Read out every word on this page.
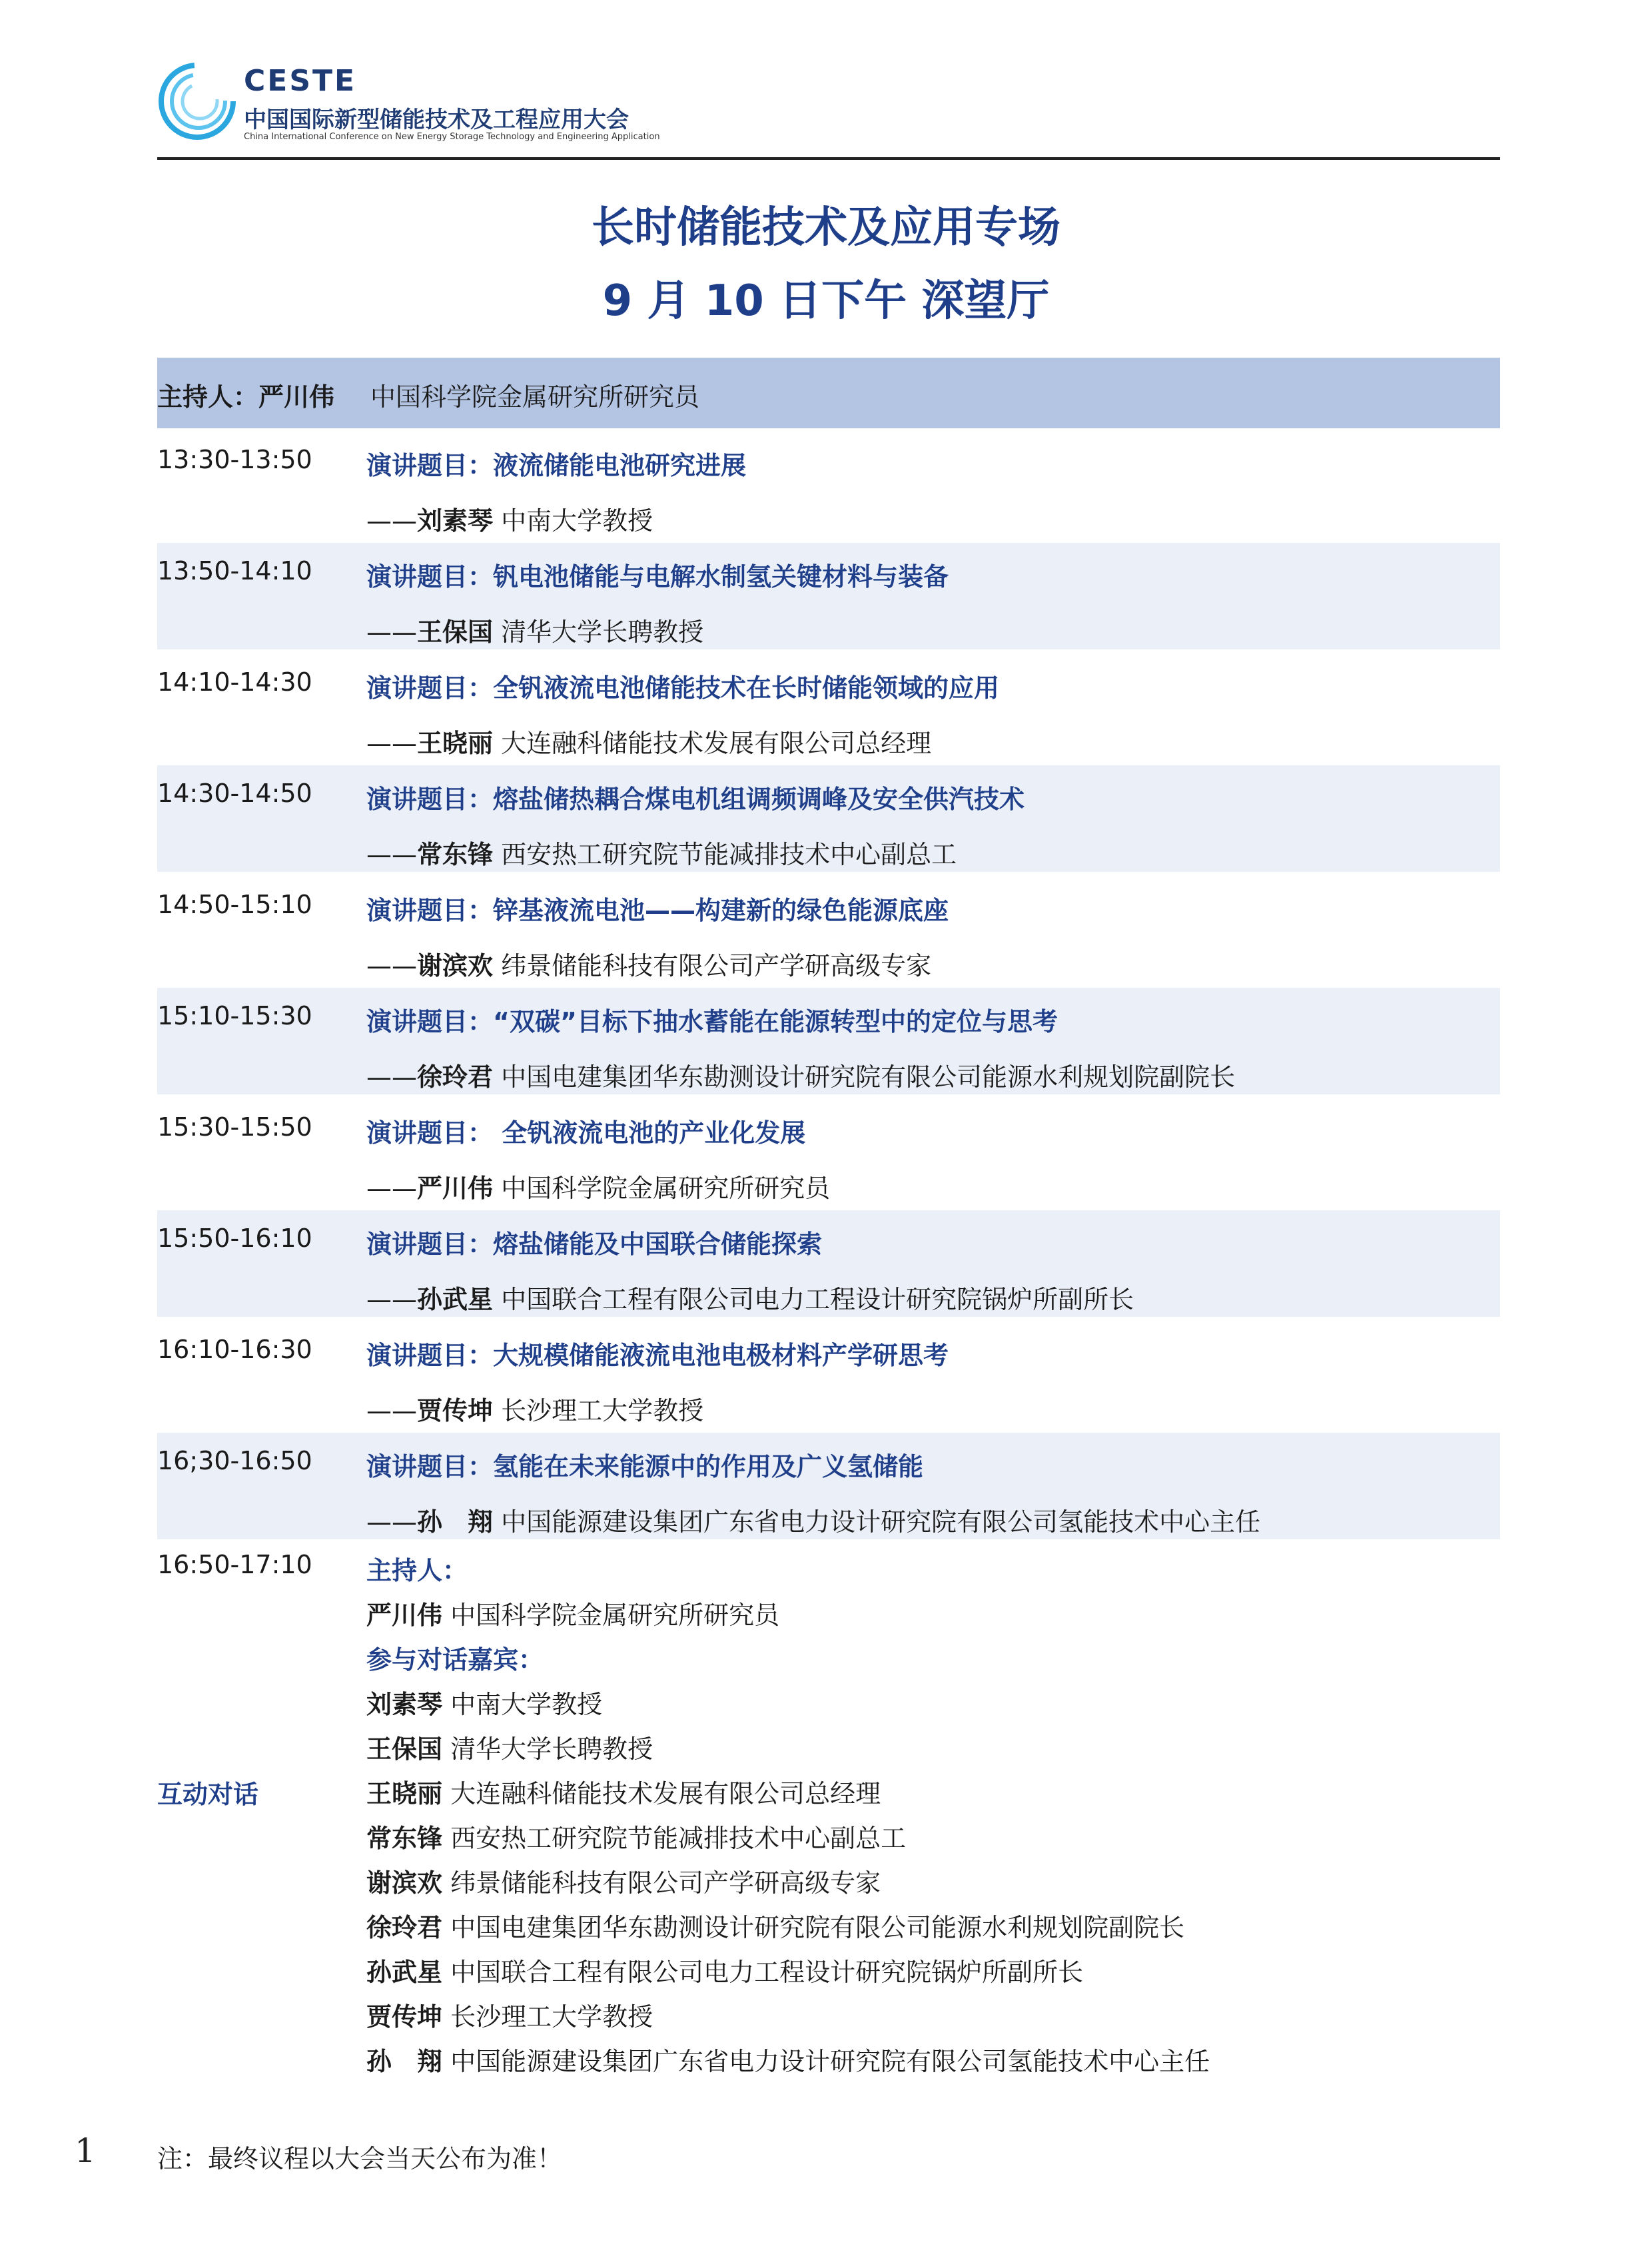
CESTE
中国国际新型储能技术及工程应用大会
China International Conference on New Energy Storage Technology and Engineering Application
长时储能技术及应用专场
9 月 10 日下午 深望厅
主持人：严川伟 中国科学院金属研究所研究员
13:30-13:50 演讲题目：液流储能电池研究进展
——刘素琴 中南大学教授
13:50-14:10 演讲题目：钒电池储能与电解水制氢关键材料与装备
——王保国 清华大学长聘教授
14:10-14:30 演讲题目：全钒液流电池储能技术在长时储能领域的应用
——王晓丽 大连融科储能技术发展有限公司总经理
14:30-14:50 演讲题目：熔盐储热耦合煤电机组调频调峰及安全供汽技术
——常东锋 西安热工研究院节能减排技术中心副总工
14:50-15:10 演讲题目：锌基液流电池——构建新的绿色能源底座
——谢滨欢 纬景储能科技有限公司产学研高级专家
15:10-15:30 演讲题目：“双碳”目标下抽水蓄能在能源转型中的定位与思考
——徐玲君 中国电建集团华东勘测设计研究院有限公司能源水利规划院副院长
15:30-15:50 演讲题目： 全钒液流电池的产业化发展
——严川伟 中国科学院金属研究所研究员
15:50-16:10 演讲题目：熔盐储能及中国联合储能探索
——孙武星 中国联合工程有限公司电力工程设计研究院锅炉所副所长
16:10-16:30 演讲题目：大规模储能液流电池电极材料产学研思考
——贾传坤 长沙理工大学教授
16;30-16:50 演讲题目：氢能在未来能源中的作用及广义氢储能
——孙　翔 中国能源建设集团广东省电力设计研究院有限公司氢能技术中心主任
16:50-17:10
互动对话
主持人：
严川伟 中国科学院金属研究所研究员
参与对话嘉宾：
刘素琴 中南大学教授
王保国 清华大学长聘教授
王晓丽 大连融科储能技术发展有限公司总经理
常东锋 西安热工研究院节能减排技术中心副总工
谢滨欢 纬景储能科技有限公司产学研高级专家
徐玲君 中国电建集团华东勘测设计研究院有限公司能源水利规划院副院长
孙武星 中国联合工程有限公司电力工程设计研究院锅炉所副所长
贾传坤 长沙理工大学教授
孙　翔 中国能源建设集团广东省电力设计研究院有限公司氢能技术中心主任
1 注：最终议程以大会当天公布为准！
